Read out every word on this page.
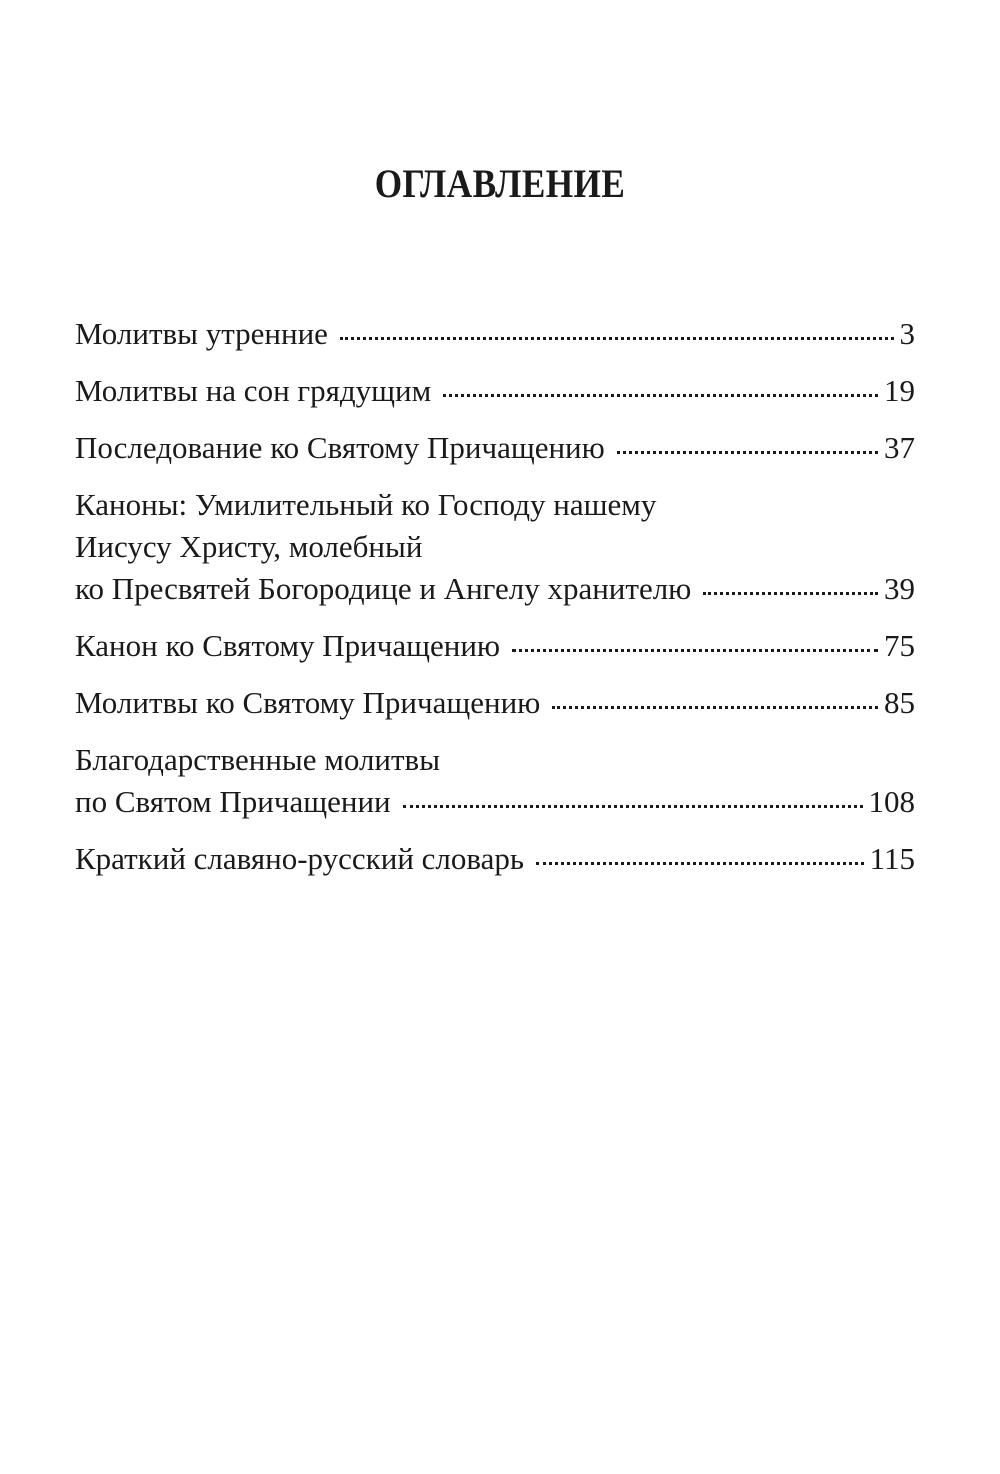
ОГЛАВЛЕНИЕ
Молитвы утренние	3
Молитвы на сон грядущим	19
Последование ко Святому Причащению	37
Каноны: Умилительный ко Господу нашему
Иисусу Христу, молебный
ко Пресвятей Богородице и Ангелу хранителю	39
Канон ко Святому Причащению	75
Молитвы ко Святому Причащению	85
Благодарственные молитвы
по Святом Причащении	108
Краткий славяно-русский словарь	115
